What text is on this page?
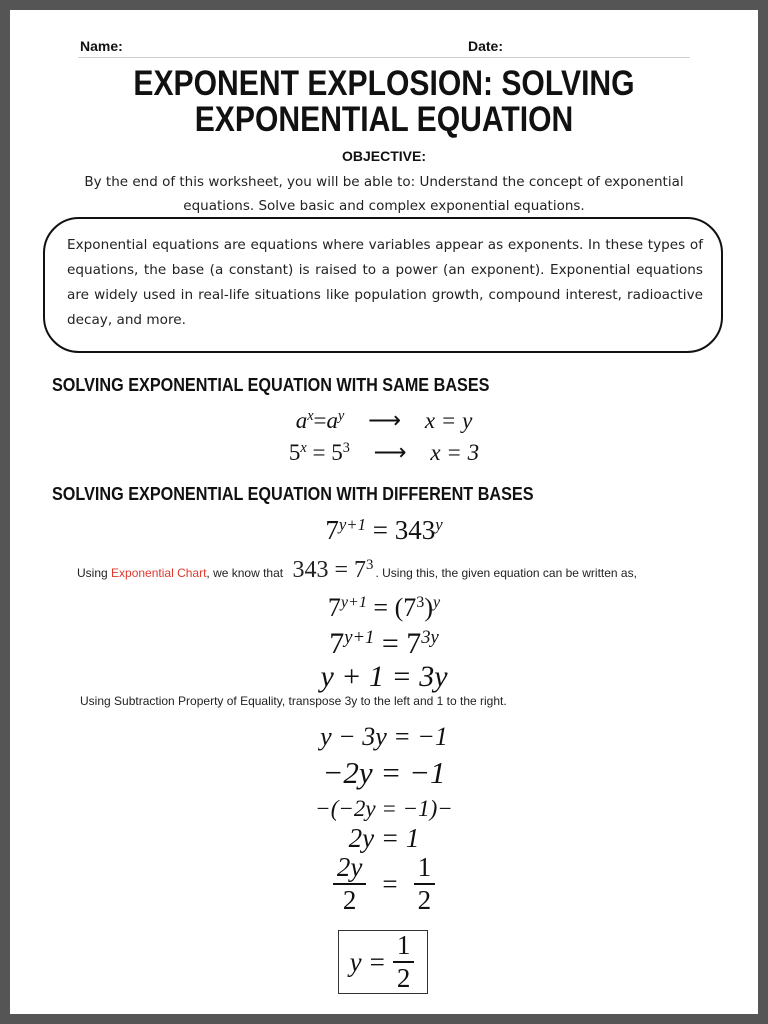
Name:	Date:
EXPONENT EXPLOSION: SOLVING
EXPONENTIAL EQUATION
OBJECTIVE:
By the end of this worksheet, you will be able to: Understand the concept of exponential equations. Solve basic and complex exponential equations.
Exponential equations are equations where variables appear as exponents. In these types of equations, the base (a constant) is raised to a power (an exponent). Exponential equations are widely used in real-life situations like population growth, compound interest, radioactive decay, and more.
SOLVING EXPONENTIAL EQUATION WITH SAME BASES
$a^x=a^y$ ⟶ x = y
$5^x = 5^3$ ⟶ x = 3
SOLVING EXPONENTIAL EQUATION WITH DIFFERENT BASES
$7^{y+1} = 343^y$
Using Exponential Chart, we know that $343 = 7^3$. Using this, the given equation can be written as,
$7^{y+1} = (7^3)^y$
$7^{y+1} = 7^{3y}$
y + 1 = 3y
Using Subtraction Property of Equality, transpose 3y to the left and 1 to the right.
y − 3y = −1
−2y = −1
−(−2y = −1)−
2y = 1
$\frac{2y}{2} = \frac{1}{2}$
$y = \frac{1}{2}$
